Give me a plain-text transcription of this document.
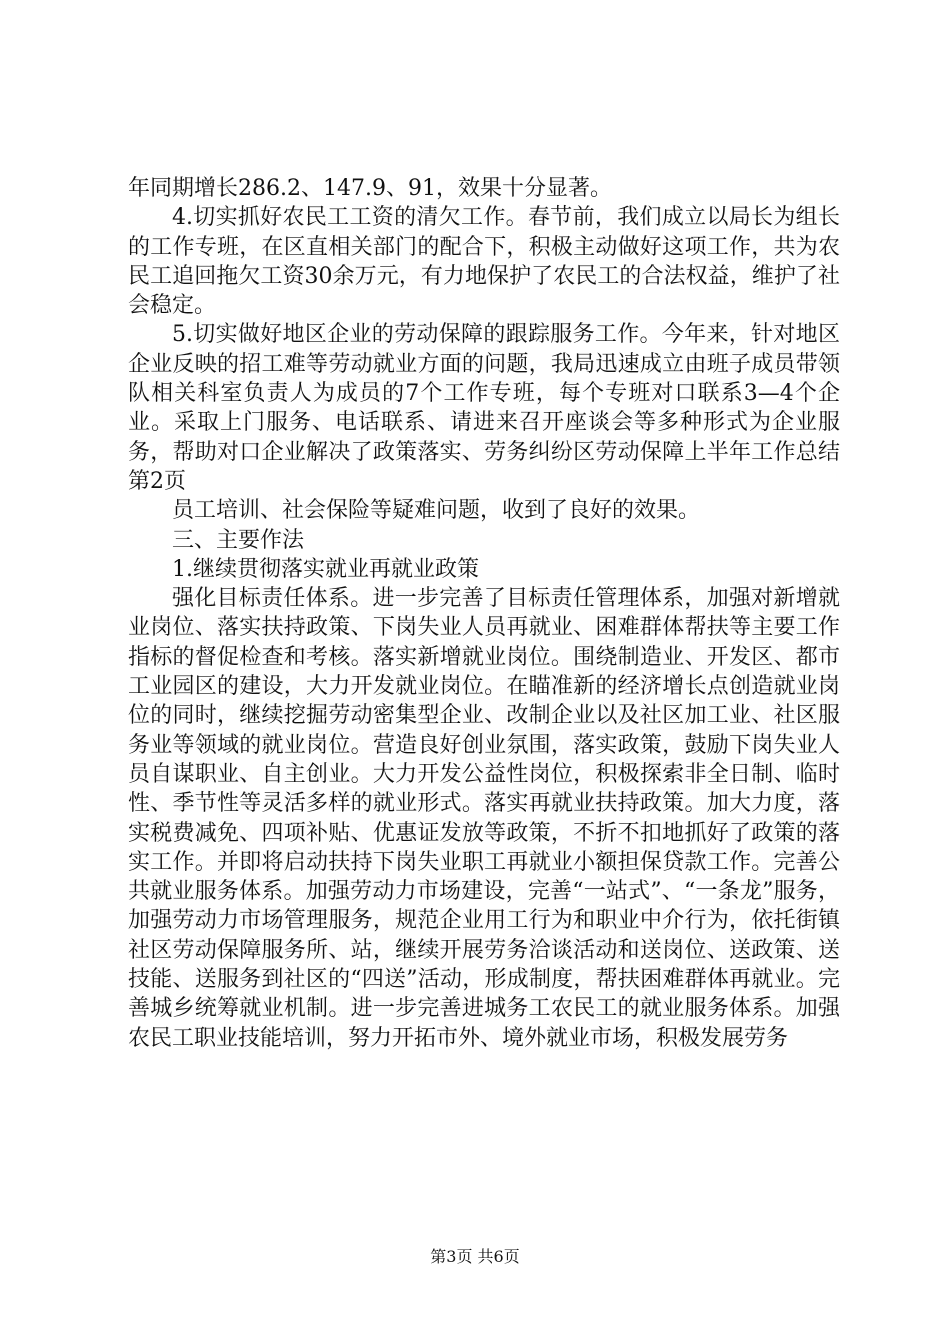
年同期增长286.2、147.9、91，效果十分显著。

4.切实抓好农民工工资的清欠工作。春节前，我们成立以局长为组长的工作专班，在区直相关部门的配合下，积极主动做好这项工作，共为农民工追回拖欠工资30余万元，有力地保护了农民工的合法权益，维护了社会稳定。

5.切实做好地区企业的劳动保障的跟踪服务工作。今年来，针对地区企业反映的招工难等劳动就业方面的问题，我局迅速成立由班子成员带领队相关科室负责人为成员的7个工作专班，每个专班对口联系3—4个企业。采取上门服务、电话联系、请进来召开座谈会等多种形式为企业服务，帮助对口企业解决了政策落实、劳务纠纷区劳动保障上半年工作总结第2页

员工培训、社会保险等疑难问题，收到了良好的效果。

三、主要作法

1.继续贯彻落实就业再就业政策

强化目标责任体系。进一步完善了目标责任管理体系，加强对新增就业岗位、落实扶持政策、下岗失业人员再就业、困难群体帮扶等主要工作指标的督促检查和考核。落实新增就业岗位。围绕制造业、开发区、都市工业园区的建设，大力开发就业岗位。在瞄准新的经济增长点创造就业岗位的同时，继续挖掘劳动密集型企业、改制企业以及社区加工业、社区服务业等领域的就业岗位。营造良好创业氛围，落实政策，鼓励下岗失业人员自谋职业、自主创业。大力开发公益性岗位，积极探索非全日制、临时性、季节性等灵活多样的就业形式。落实再就业扶持政策。加大力度，落实税费减免、四项补贴、优惠证发放等政策，不折不扣地抓好了政策的落实工作。并即将启动扶持下岗失业职工再就业小额担保贷款工作。完善公共就业服务体系。加强劳动力市场建设，完善“一站式”、“一条龙”服务，加强劳动力市场管理服务，规范企业用工行为和职业中介行为，依托街镇社区劳动保障服务所、站，继续开展劳务洽谈活动和送岗位、送政策、送技能、送服务到社区的“四送”活动，形成制度，帮扶困难群体再就业。完善城乡统筹就业机制。进一步完善进城务工农民工的就业服务体系。加强农民工职业技能培训，努力开拓市外、境外就业市场，积极发展劳务

第3页 共6页
